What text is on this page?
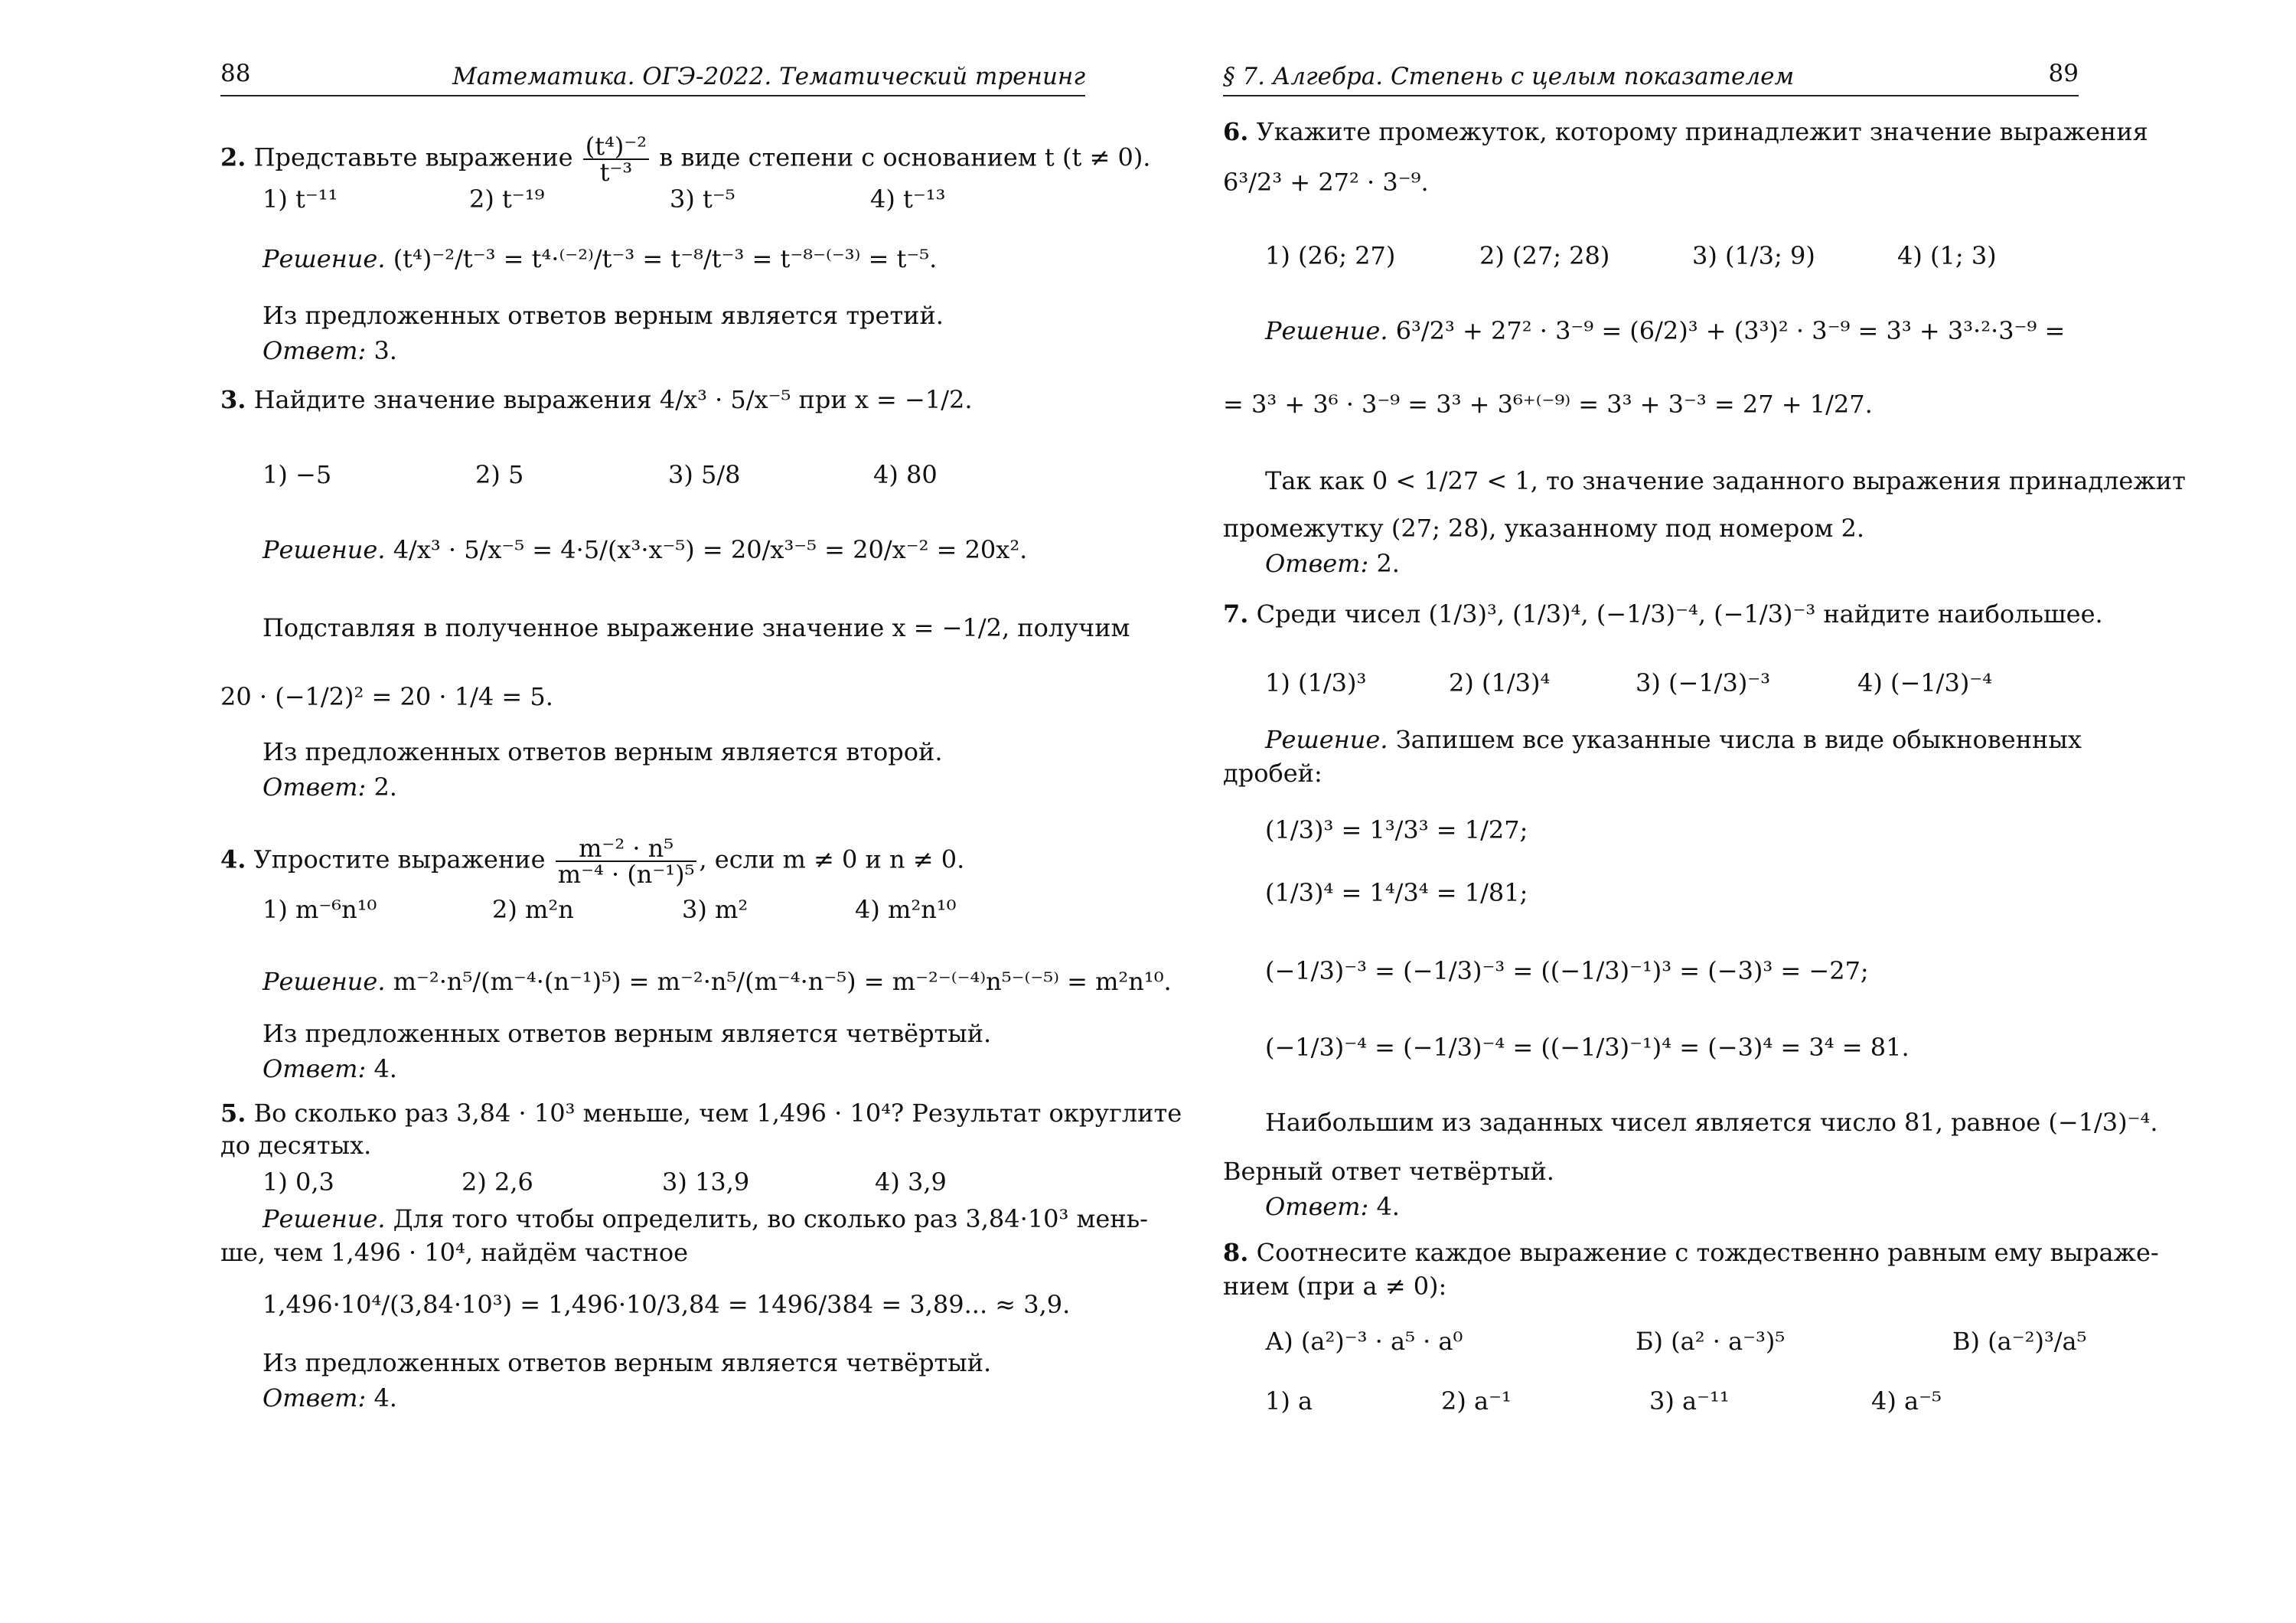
88	Математика. ОГЭ-2022. Тематический тренинг
2. Представьте выражение $\frac{\text{(t⁴)⁻²}}{\text{t⁻³}}$ в виде степени с основанием t (t ≠ 0).
1) t⁻¹¹	2) t⁻¹⁹	3) t⁻⁵	4) t⁻¹³
Решение. (t⁴)⁻²/t⁻³ = t⁴·⁽⁻²⁾/t⁻³ = t⁻⁸/t⁻³ = t⁻⁸⁻⁽⁻³⁾ = t⁻⁵.
Из предложенных ответов верным является третий.
Ответ: 3.
3. Найдите значение выражения 4/x³ · 5/x⁻⁵ при x = −1/2.
1) −5	2) 5	3) 5/8	4) 80
Решение. 4/x³ · 5/x⁻⁵ = 4·5/(x³·x⁻⁵) = 20/x³⁻⁵ = 20/x⁻² = 20x².
Подставляя в полученное выражение значение x = −1/2, получим
20 · (−1/2)² = 20 · 1/4 = 5.
Из предложенных ответов верным является второй.
Ответ: 2.
4. Упростите выражение $\frac{\text{m⁻² · n⁵}}{\text{m⁻⁴ · (n⁻¹)⁵}}$ , если m ≠ 0 и n ≠ 0.
1) m⁻⁶n¹⁰	2) m²n	3) m²	4) m²n¹⁰
Решение. m⁻²·n⁵/(m⁻⁴·(n⁻¹)⁵) = m⁻²·n⁵/(m⁻⁴·n⁻⁵) = m⁻²⁻⁽⁻⁴⁾n⁵⁻⁽⁻⁵⁾ = m²n¹⁰.
Из предложенных ответов верным является четвёртый.
Ответ: 4.
5. Во сколько раз 3,84 · 10³ меньше, чем 1,496 · 10⁴? Результат округлите
до десятых.
1) 0,3	2) 2,6	3) 13,9	4) 3,9
Решение. Для того чтобы определить, во сколько раз 3,84·10³ мень-
ше, чем 1,496 · 10⁴, найдём частное
1,496·10⁴/(3,84·10³) = 1,496·10/3,84 = 1496/384 = 3,89... ≈ 3,9.
Из предложенных ответов верным является четвёртый.
Ответ: 4.
§ 7. Алгебра. Степень с целым показателем	89
6. Укажите промежуток, которому принадлежит значение выражения
6³/2³ + 27² · 3⁻⁹.
1) (26; 27)	2) (27; 28)	3) (1/3; 9)	4) (1; 3)
Решение. 6³/2³ + 27² · 3⁻⁹ = (6/2)³ + (3³)² · 3⁻⁹ = 3³ + 3³·²·3⁻⁹ =
= 3³ + 3⁶ · 3⁻⁹ = 3³ + 3⁶⁺⁽⁻⁹⁾ = 3³ + 3⁻³ = 27 + 1/27.
Так как 0 < 1/27 < 1, то значение заданного выражения принадлежит
промежутку (27; 28), указанному под номером 2.
Ответ: 2.
7. Среди чисел (1/3)³, (1/3)⁴, (−1/3)⁻⁴, (−1/3)⁻³ найдите наибольшее.
1) (1/3)³	2) (1/3)⁴	3) (−1/3)⁻³	4) (−1/3)⁻⁴
Решение. Запишем все указанные числа в виде обыкновенных
дробей:
(1/3)³ = 1³/3³ = 1/27;
(1/3)⁴ = 1⁴/3⁴ = 1/81;
(−1/3)⁻³ = (−1/3)⁻³ = ((−1/3)⁻¹)³ = (−3)³ = −27;
(−1/3)⁻⁴ = (−1/3)⁻⁴ = ((−1/3)⁻¹)⁴ = (−3)⁴ = 3⁴ = 81.
Наибольшим из заданных чисел является число 81, равное (−1/3)⁻⁴.
Верный ответ четвёртый.
Ответ: 4.
8. Соотнесите каждое выражение с тождественно равным ему выраже-
нием (при a ≠ 0):
А) (a²)⁻³ · a⁵ · a⁰	Б) (a² · a⁻³)⁵	В) (a⁻²)³/a⁵
1) a	2) a⁻¹	3) a⁻¹¹	4) a⁻⁵
